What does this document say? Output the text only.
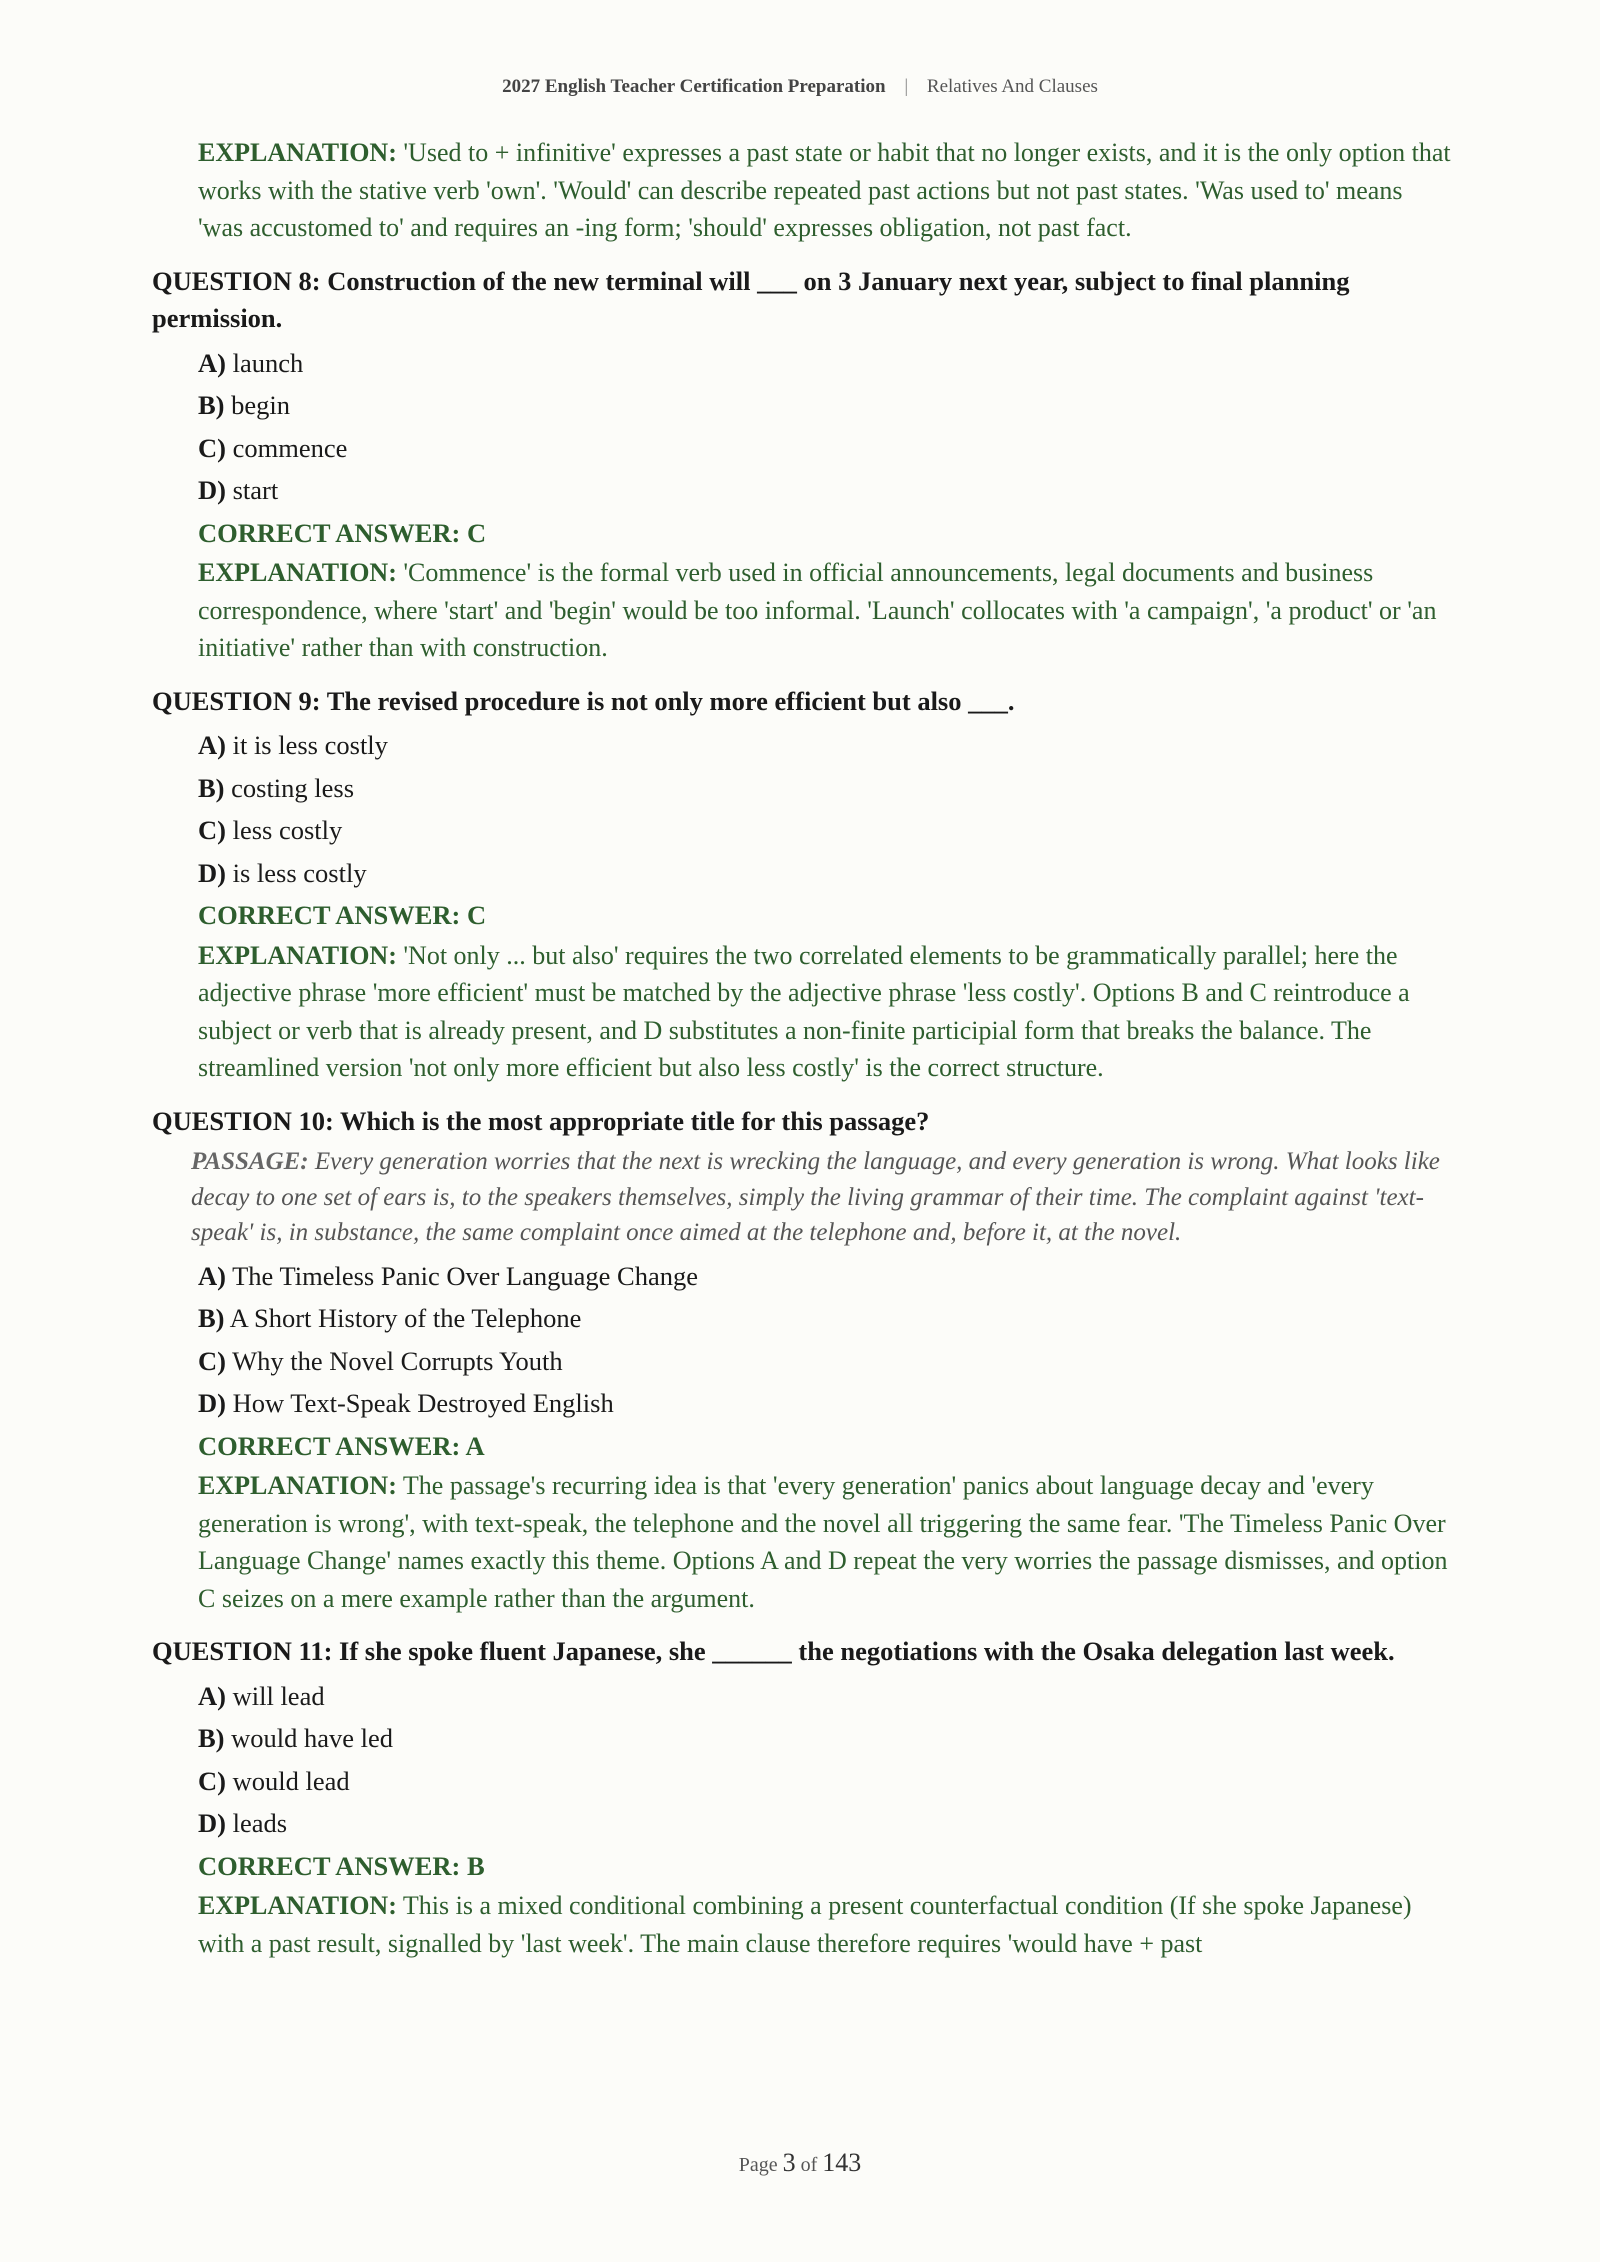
2027 English Teacher Certification Preparation | Relatives And Clauses

EXPLANATION: 'Used to + infinitive' expresses a past state or habit that no longer exists, and it is the only option that works with the stative verb 'own'. 'Would' can describe repeated past actions but not past states. 'Was used to' means 'was accustomed to' and requires an -ing form; 'should' expresses obligation, not past fact.

QUESTION 8: Construction of the new terminal will ___ on 3 January next year, subject to final planning permission.

A) launch
B) begin
C) commence
D) start
CORRECT ANSWER: C

EXPLANATION: 'Commence' is the formal verb used in official announcements, legal documents and business correspondence, where 'start' and 'begin' would be too informal. 'Launch' collocates with 'a campaign', 'a product' or 'an initiative' rather than with construction.

QUESTION 9: The revised procedure is not only more efficient but also ___.

A) it is less costly
B) costing less
C) less costly
D) is less costly
CORRECT ANSWER: C

EXPLANATION: 'Not only ... but also' requires the two correlated elements to be grammatically parallel; here the adjective phrase 'more efficient' must be matched by the adjective phrase 'less costly'. Options B and C reintroduce a subject or verb that is already present, and D substitutes a non-finite participial form that breaks the balance. The streamlined version 'not only more efficient but also less costly' is the correct structure.

QUESTION 10: Which is the most appropriate title for this passage?

PASSAGE: Every generation worries that the next is wrecking the language, and every generation is wrong. What looks like decay to one set of ears is, to the speakers themselves, simply the living grammar of their time. The complaint against 'text-speak' is, in substance, the same complaint once aimed at the telephone and, before it, at the novel.

A) The Timeless Panic Over Language Change
B) A Short History of the Telephone
C) Why the Novel Corrupts Youth
D) How Text-Speak Destroyed English
CORRECT ANSWER: A

EXPLANATION: The passage's recurring idea is that 'every generation' panics about language decay and 'every generation is wrong', with text-speak, the telephone and the novel all triggering the same fear. 'The Timeless Panic Over Language Change' names exactly this theme. Options A and D repeat the very worries the passage dismisses, and option C seizes on a mere example rather than the argument.

QUESTION 11: If she spoke fluent Japanese, she ______ the negotiations with the Osaka delegation last week.

A) will lead
B) would have led
C) would lead
D) leads
CORRECT ANSWER: B

EXPLANATION: This is a mixed conditional combining a present counterfactual condition (If she spoke Japanese) with a past result, signalled by 'last week'. The main clause therefore requires 'would have + past

Page 3 of 143
